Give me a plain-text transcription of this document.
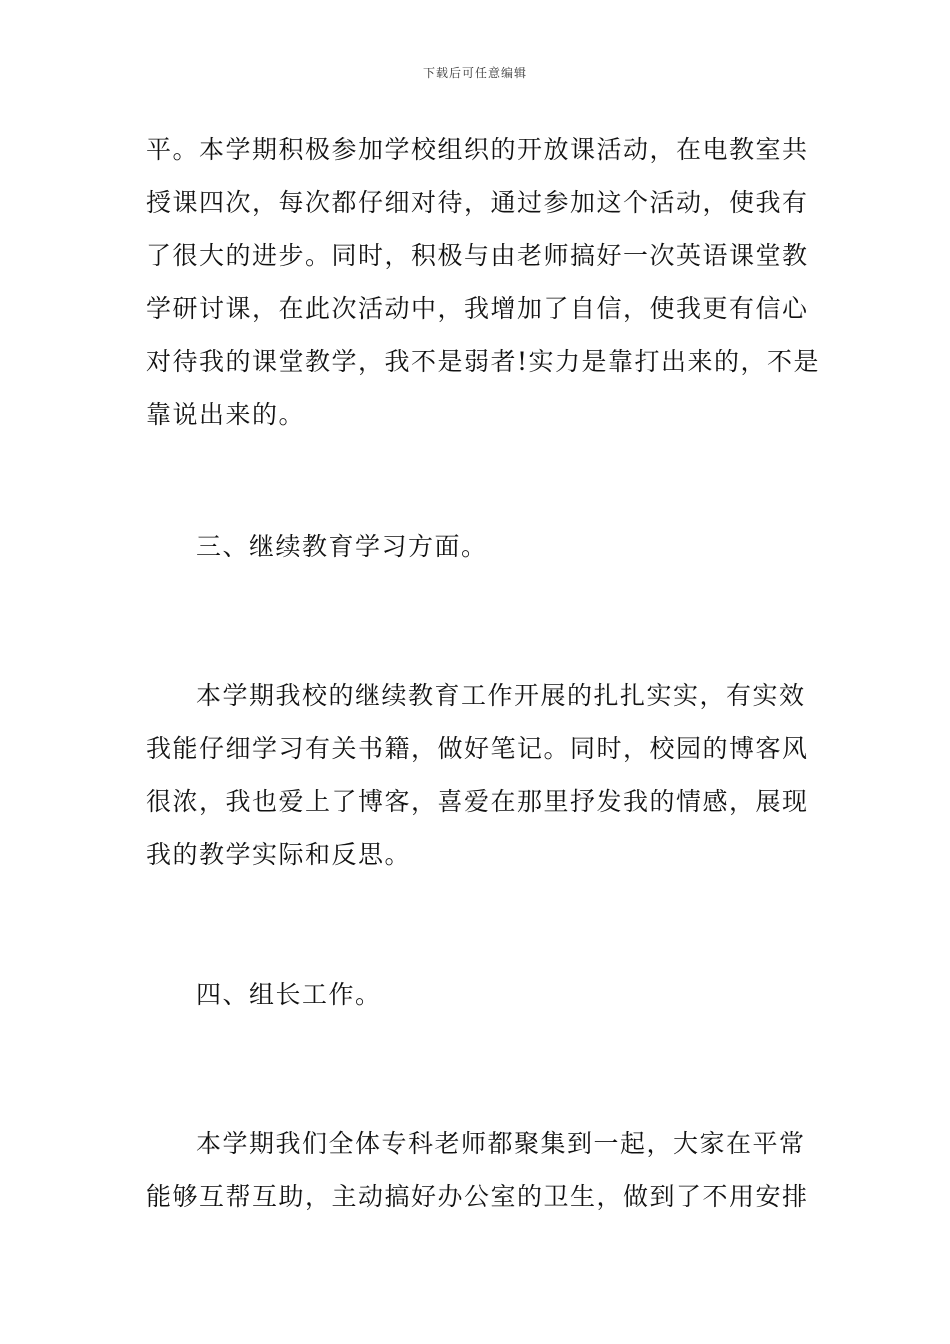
下载后可任意编辑
平。本学期积极参加学校组织的开放课活动，在电教室共
授课四次，每次都仔细对待，通过参加这个活动，使我有
了很大的进步。同时，积极与由老师搞好一次英语课堂教
学研讨课，在此次活动中，我增加了自信，使我更有信心
对待我的课堂教学，我不是弱者!实力是靠打出来的，不是
靠说出来的。
三、继续教育学习方面。
本学期我校的继续教育工作开展的扎扎实实，有实效
我能仔细学习有关书籍，做好笔记。同时，校园的博客风
很浓，我也爱上了博客，喜爱在那里抒发我的情感，展现
我的教学实际和反思。
四、组长工作。
本学期我们全体专科老师都聚集到一起，大家在平常
能够互帮互助，主动搞好办公室的卫生，做到了不用安排
